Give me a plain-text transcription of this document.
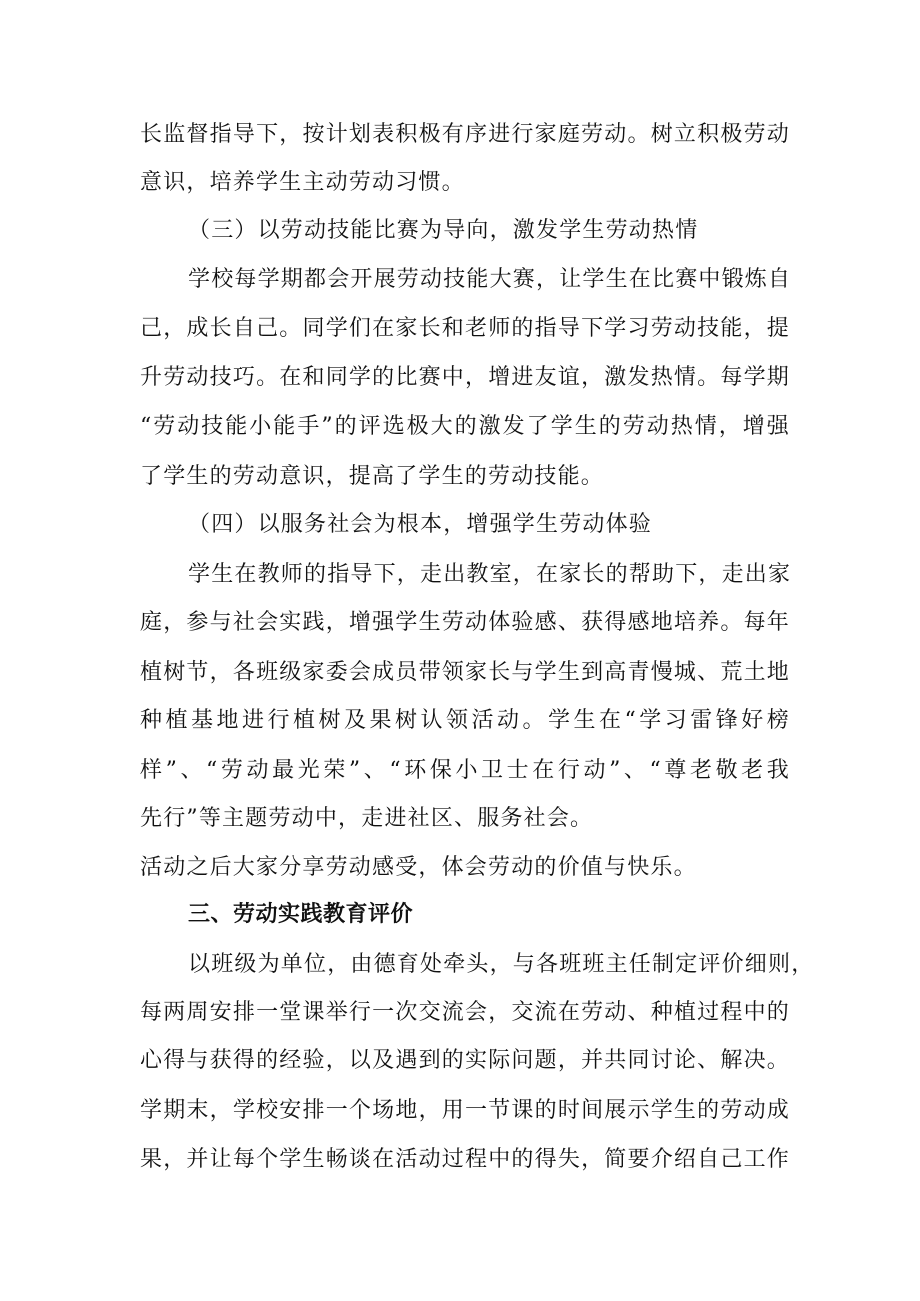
长监督指导下，按计划表积极有序进行家庭劳动。树立积极劳动
意识，培养学生主动劳动习惯。
（三）以劳动技能比赛为导向，激发学生劳动热情
学校每学期都会开展劳动技能大赛，让学生在比赛中锻炼自
己，成长自己。同学们在家长和老师的指导下学习劳动技能，提
升劳动技巧。在和同学的比赛中，增进友谊，激发热情。每学期
“劳动技能小能手”的评选极大的激发了学生的劳动热情，增强
了学生的劳动意识，提高了学生的劳动技能。
（四）以服务社会为根本，增强学生劳动体验
学生在教师的指导下，走出教室，在家长的帮助下，走出家
庭，参与社会实践，增强学生劳动体验感、获得感地培养。每年
植树节，各班级家委会成员带领家长与学生到高青慢城、荒土地
种植基地进行植树及果树认领活动。学生在“学习雷锋好榜
样”、“劳动最光荣”、“环保小卫士在行动”、“尊老敬老我
先行”等主题劳动中，走进社区、服务社会。
活动之后大家分享劳动感受，体会劳动的价值与快乐。
三、劳动实践教育评价
以班级为单位，由德育处牵头，与各班班主任制定评价细则，
每两周安排一堂课举行一次交流会，交流在劳动、种植过程中的
心得与获得的经验，以及遇到的实际问题，并共同讨论、解决。
学期末，学校安排一个场地，用一节课的时间展示学生的劳动成
果，并让每个学生畅谈在活动过程中的得失，简要介绍自己工作
